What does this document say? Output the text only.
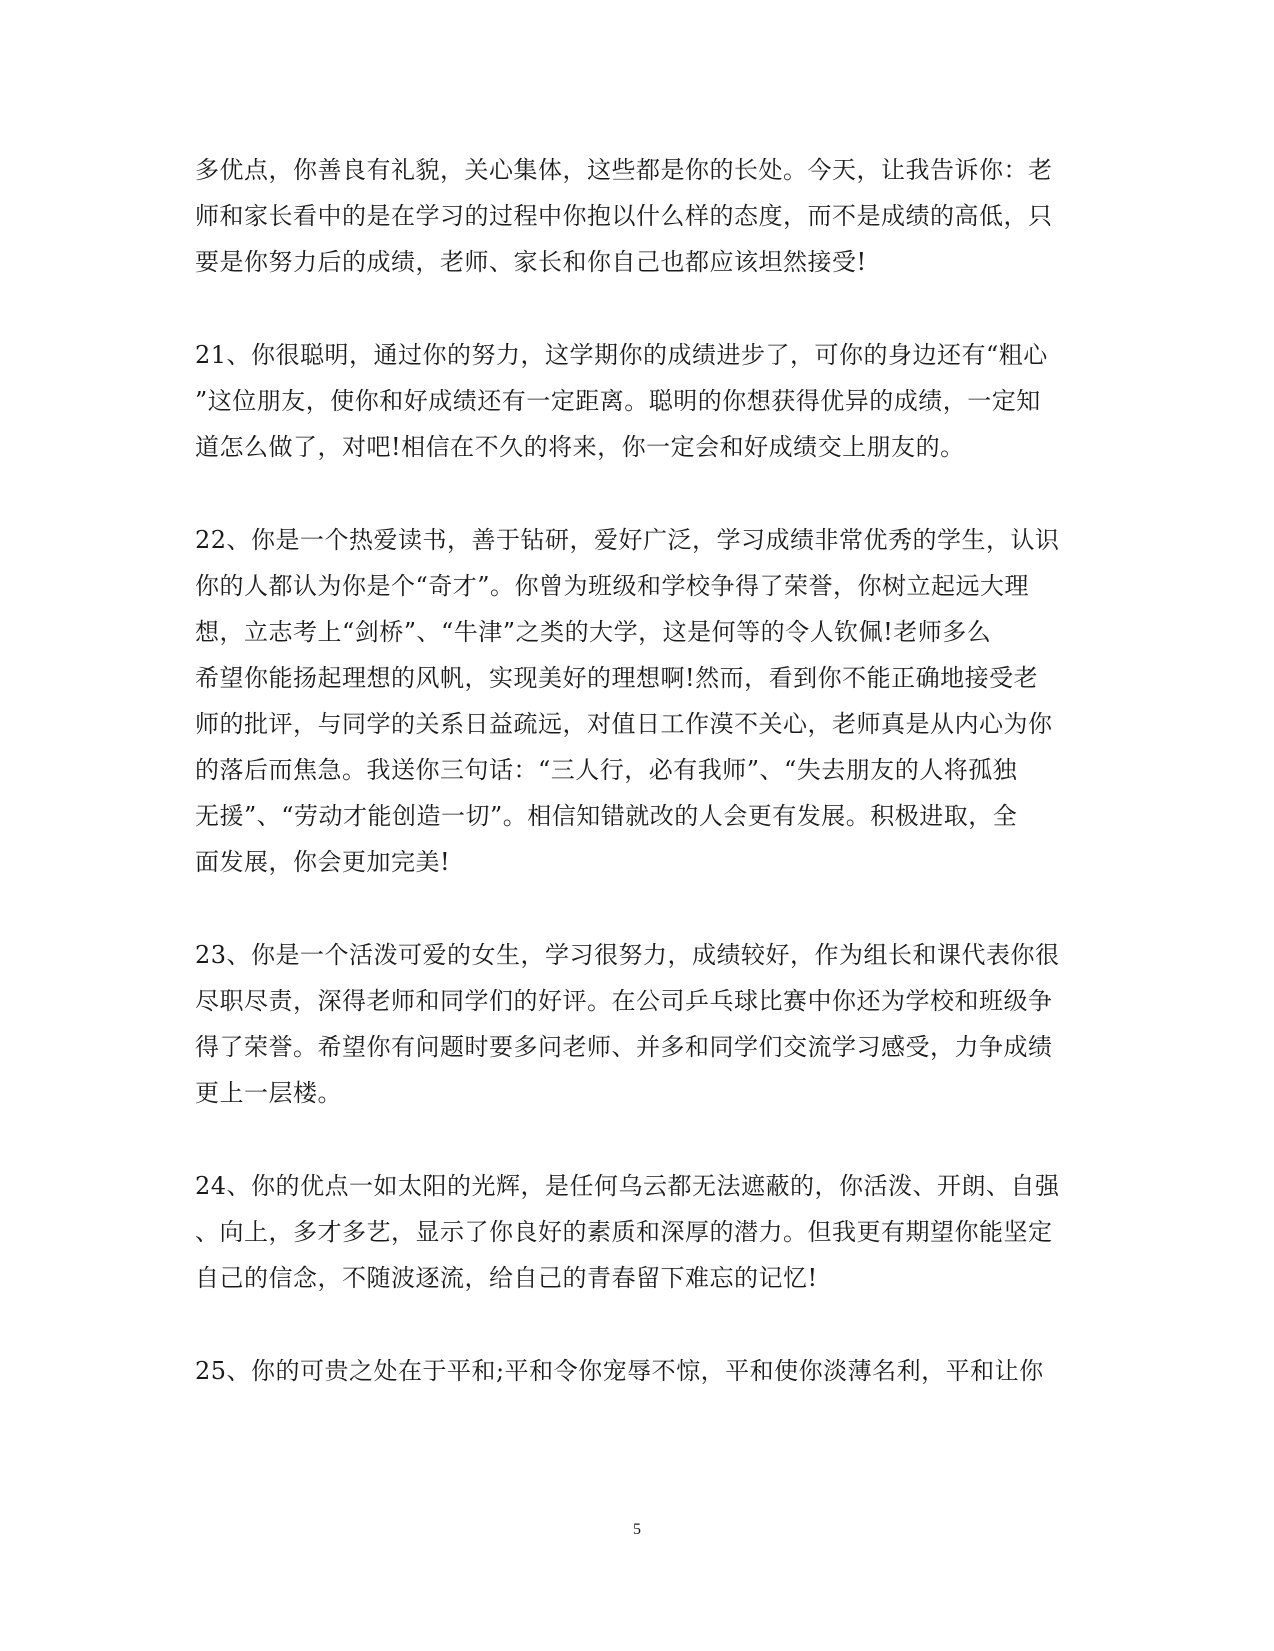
多优点，你善良有礼貌，关心集体，这些都是你的长处。今天，让我告诉你：老
师和家长看中的是在学习的过程中你抱以什么样的态度，而不是成绩的高低，只
要是你努力后的成绩，老师、家长和你自己也都应该坦然接受!
21、你很聪明，通过你的努力，这学期你的成绩进步了，可你的身边还有“粗心
”这位朋友，使你和好成绩还有一定距离。聪明的你想获得优异的成绩，一定知
道怎么做了，对吧!相信在不久的将来，你一定会和好成绩交上朋友的。
22、你是一个热爱读书，善于钻研，爱好广泛，学习成绩非常优秀的学生，认识
你的人都认为你是个“奇才”。你曾为班级和学校争得了荣誉，你树立起远大理
想，立志考上“剑桥”、“牛津”之类的大学，这是何等的令人钦佩!老师多么
希望你能扬起理想的风帆，实现美好的理想啊!然而，看到你不能正确地接受老
师的批评，与同学的关系日益疏远，对值日工作漠不关心，老师真是从内心为你
的落后而焦急。我送你三句话：“三人行，必有我师”、“失去朋友的人将孤独
无援”、“劳动才能创造一切”。相信知错就改的人会更有发展。积极进取，全
面发展，你会更加完美!
23、你是一个活泼可爱的女生，学习很努力，成绩较好，作为组长和课代表你很
尽职尽责，深得老师和同学们的好评。在公司乒乓球比赛中你还为学校和班级争
得了荣誉。希望你有问题时要多问老师、并多和同学们交流学习感受，力争成绩
更上一层楼。
24、你的优点一如太阳的光辉，是任何乌云都无法遮蔽的，你活泼、开朗、自强
、向上，多才多艺，显示了你良好的素质和深厚的潜力。但我更有期望你能坚定
自己的信念，不随波逐流，给自己的青春留下难忘的记忆!
25、你的可贵之处在于平和;平和令你宠辱不惊，平和使你淡薄名利，平和让你
5
